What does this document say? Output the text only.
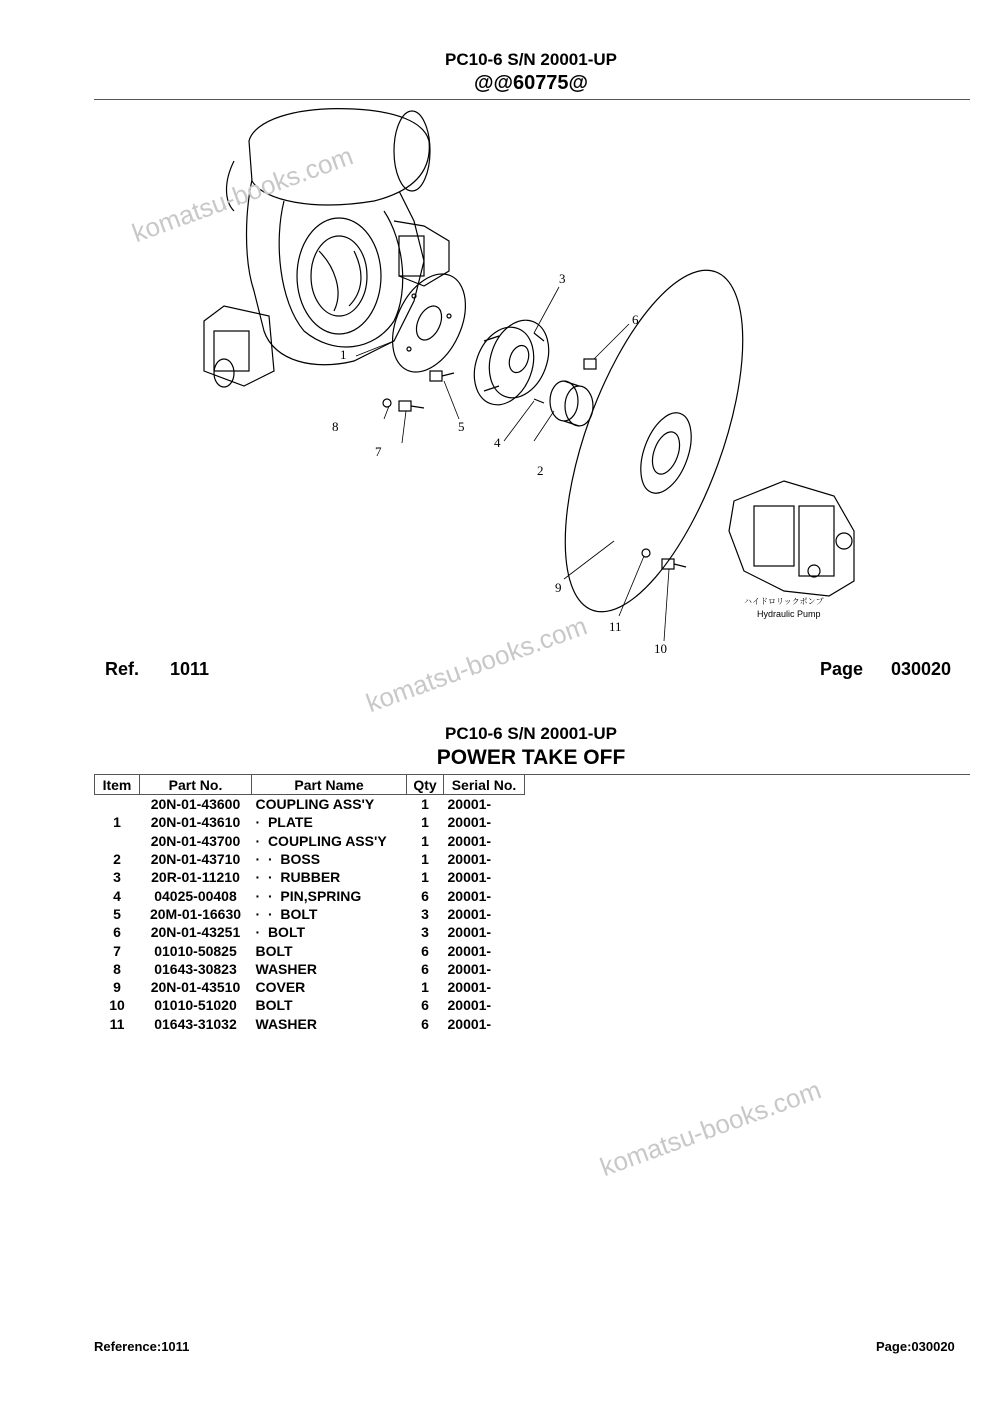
PC10-6 S/N 20001-UP
@@60775@
1
2
3
4
5
6
7
8
9
10
11
ハイドロリックポンプ
Hydraulic Pump
komatsu-books.com
komatsu-books.com
komatsu-books.com
Ref. 1011	Page 030020
PC10-6 S/N 20001-UP
POWER TAKE OFF
Item	Part No.	Part Name	Qty	Serial No.
	20N-01-43600	COUPLING ASS'Y	1	20001-
1	20N-01-43610	·  PLATE	1	20001-
	20N-01-43700	·  COUPLING ASS'Y	1	20001-
2	20N-01-43710	·  ·  BOSS	1	20001-
3	20R-01-11210	·  ·  RUBBER	1	20001-
4	04025-00408	·  ·  PIN,SPRING	6	20001-
5	20M-01-16630	·  ·  BOLT	3	20001-
6	20N-01-43251	·  BOLT	3	20001-
7	01010-50825	BOLT	6	20001-
8	01643-30823	WASHER	6	20001-
9	20N-01-43510	COVER	1	20001-
10	01010-51020	BOLT	6	20001-
11	01643-31032	WASHER	6	20001-
Reference:1011	Page:030020
